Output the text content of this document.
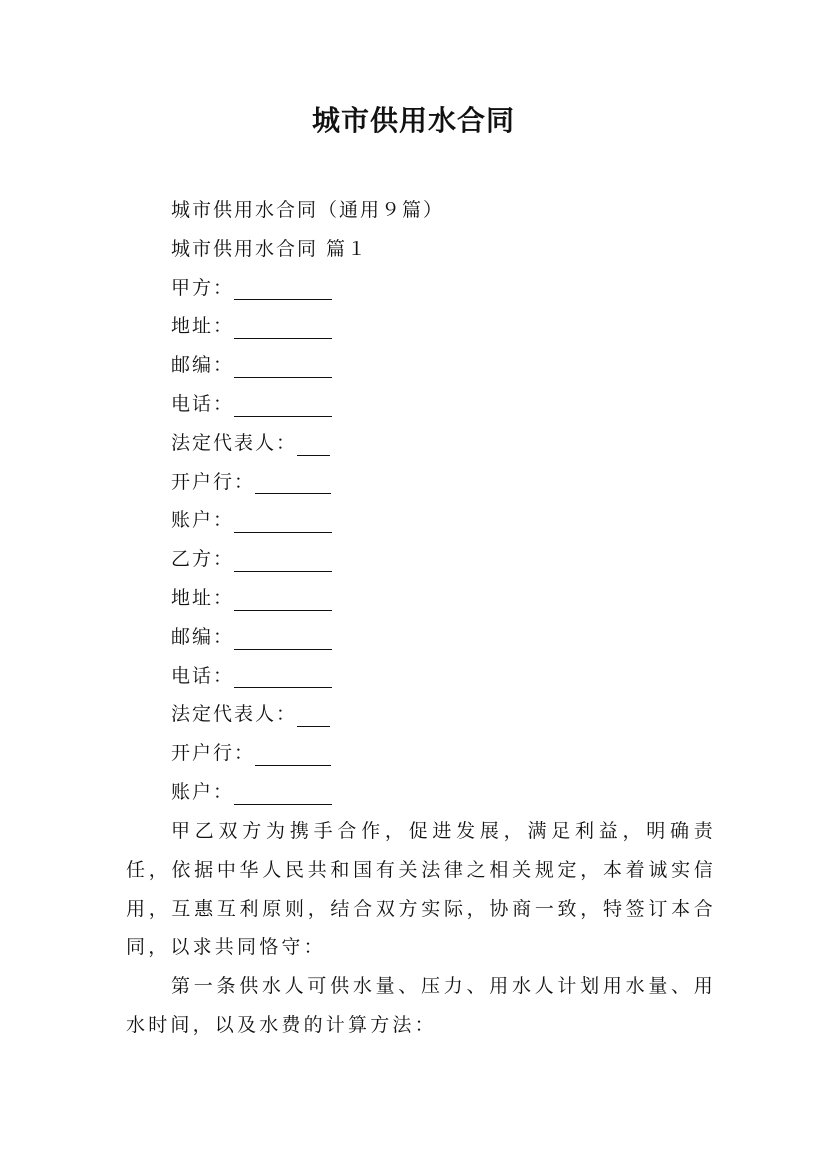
城市供用水合同
城市供用水合同（通用９篇）
城市供用水合同 篇１
甲方：
地址：
邮编：
电话：
法定代表人：
开户行：
账户：
乙方：
地址：
邮编：
电话：
法定代表人：
开户行：
账户：

甲乙双方为携手合作，促进发展，满足利益，明确责任，依据中华人民共和国有关法律之相关规定，本着诚实信用，互惠互利原则，结合双方实际，协商一致，特签订本合同，以求共同恪守：

第一条供水人可供水量、压力、用水人计划用水量、用水时间，以及水费的计算方法：
